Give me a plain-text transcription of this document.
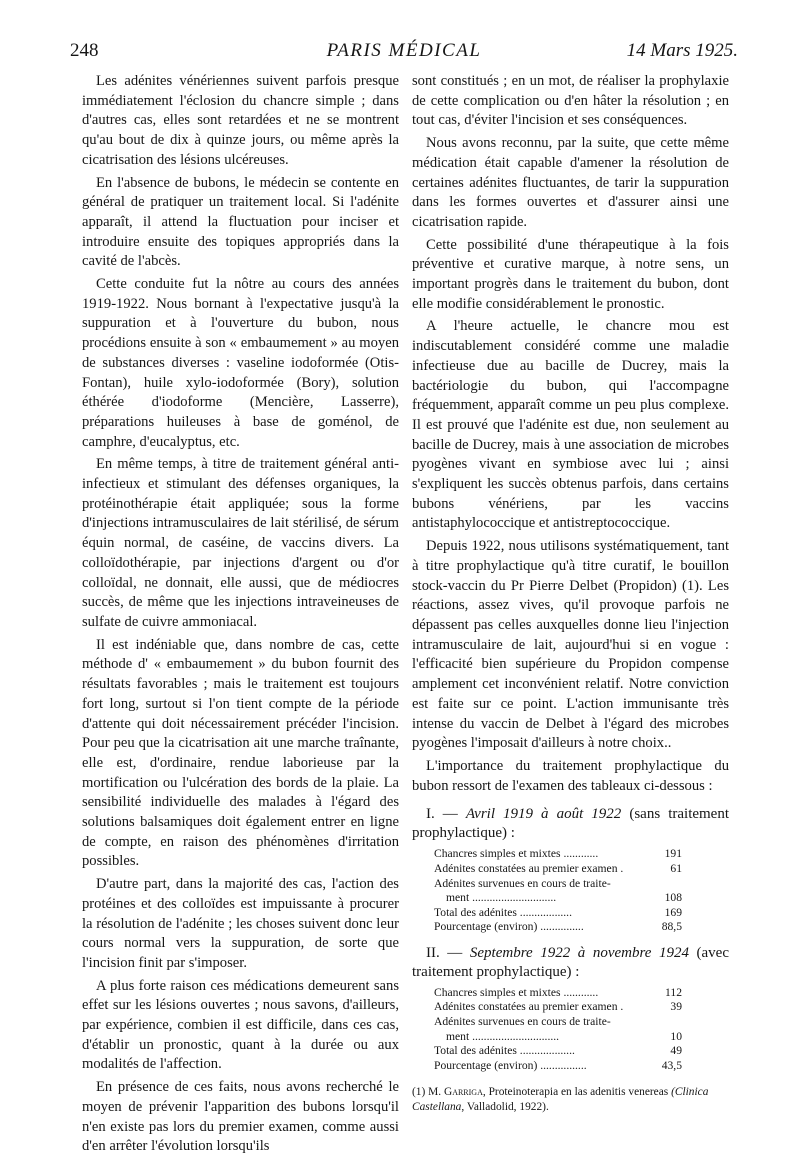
248	PARIS MÉDICAL	14 Mars 1925.

Les adénites vénériennes suivent parfois presque immédiatement l'éclosion du chancre simple ; dans d'autres cas, elles sont retardées et ne se montrent qu'au bout de dix à quinze jours, ou même après la cicatrisation des lésions ulcéreuses.

En l'absence de bubons, le médecin se contente en général de pratiquer un traitement local. Si l'adénite apparaît, il attend la fluctuation pour inciser et introduire ensuite des topiques appropriés dans la cavité de l'abcès.

Cette conduite fut la nôtre au cours des années 1919-1922. Nous bornant à l'expectative jusqu'à la suppuration et à l'ouverture du bubon, nous procédions ensuite à son « embaumement » au moyen de substances diverses : vaseline iodoformée (Otis-Fontan), huile xylo-iodoformée (Bory), solution éthérée d'iodoforme (Mencière, Lasserre), préparations huileuses à base de goménol, de camphre, d'eucalyptus, etc.

En même temps, à titre de traitement général anti-infectieux et stimulant des défenses organiques, la protéinothérapie était appliquée; sous la forme d'injections intramusculaires de lait stérilisé, de sérum équin normal, de caséine, de vaccins divers. La colloïdothérapie, par injections d'argent ou d'or colloïdal, ne donnait, elle aussi, que de médiocres succès, de même que les injections intraveineuses de sulfate de cuivre ammoniacal.

Il est indéniable que, dans nombre de cas, cette méthode d' « embaumement » du bubon fournit des résultats favorables ; mais le traitement est toujours fort long, surtout si l'on tient compte de la période d'attente qui doit nécessairement précéder l'incision. Pour peu que la cicatrisation ait une marche traînante, elle est, d'ordinaire, rendue laborieuse par la mortification ou l'ulcération des bords de la plaie. La sensibilité individuelle des malades à l'égard des solutions balsamiques doit également entrer en ligne de compte, en raison des phénomènes d'irritation possibles.

D'autre part, dans la majorité des cas, l'action des protéines et des colloïdes est impuissante à procurer la résolution de l'adénite ; les choses suivent donc leur cours normal vers la suppuration, de sorte que l'incision finit par s'imposer.

A plus forte raison ces médications demeurent sans effet sur les lésions ouvertes ; nous savons, d'ailleurs, par expérience, combien il est difficile, dans ces cas, d'établir un pronostic, quant à la durée ou aux modalités de l'affection.

En présence de ces faits, nous avons recherché le moyen de prévenir l'apparition des bubons lorsqu'il n'en existe pas lors du premier examen, comme aussi d'en arrêter l'évolution lorsqu'ils

sont constitués ; en un mot, de réaliser la prophylaxie de cette complication ou d'en hâter la résolution ; en tout cas, d'éviter l'incision et ses conséquences.

Nous avons reconnu, par la suite, que cette même médication était capable d'amener la résolution de certaines adénites fluctuantes, de tarir la suppuration dans les formes ouvertes et d'assurer ainsi une cicatrisation rapide.

Cette possibilité d'une thérapeutique à la fois préventive et curative marque, à notre sens, un important progrès dans le traitement du bubon, dont elle modifie considérablement le pronostic.

A l'heure actuelle, le chancre mou est indiscutablement considéré comme une maladie infectieuse due au bacille de Ducrey, mais la bactériologie du bubon, qui l'accompagne fréquemment, apparaît comme un peu plus complexe. Il est prouvé que l'adénite est due, non seulement au bacille de Ducrey, mais à une association de microbes pyogènes vivant en symbiose avec lui ; ainsi s'expliquent les succès obtenus parfois, dans certains bubons vénériens, par les vaccins antistaphylococcique et antistreptococcique.

Depuis 1922, nous utilisons systématiquement, tant à titre prophylactique qu'à titre curatif, le bouillon stock-vaccin du Pr Pierre Delbet (Propidon) (1). Les réactions, assez vives, qu'il provoque parfois ne dépassent pas celles auxquelles donne lieu l'injection intramusculaire de lait, aujourd'hui si en vogue : l'efficacité bien supérieure du Propidon compense amplement cet inconvénient relatif. Notre conviction est faite sur ce point. L'action immunisante très intense du vaccin de Delbet à l'égard des microbes pyogènes l'imposait d'ailleurs à notre choix..

L'importance du traitement prophylactique du bubon ressort de l'examen des tableaux ci-dessous :

I. — Avril 1919 à août 1922 (sans traitement prophylactique) :
Chancres simples et mixtes ............	191
Adénites constatées au premier examen .	61
Adénites survenues en cours de traite-	
ment .............................	108
Total des adénites ..................	169
Pourcentage (environ) ...............	88,5
II. — Septembre 1922 à novembre 1924 (avec traitement prophylactique) :
Chancres simples et mixtes ............	112
Adénites constatées au premier examen .	39
Adénites survenues en cours de traite-	
ment ..............................	10
Total des adénites ...................	49
Pourcentage (environ) ................	43,5
(1) M. Garriga, Proteinoterapia en las adenitis venereas (Clinica Castellana, Valladolid, 1922).
